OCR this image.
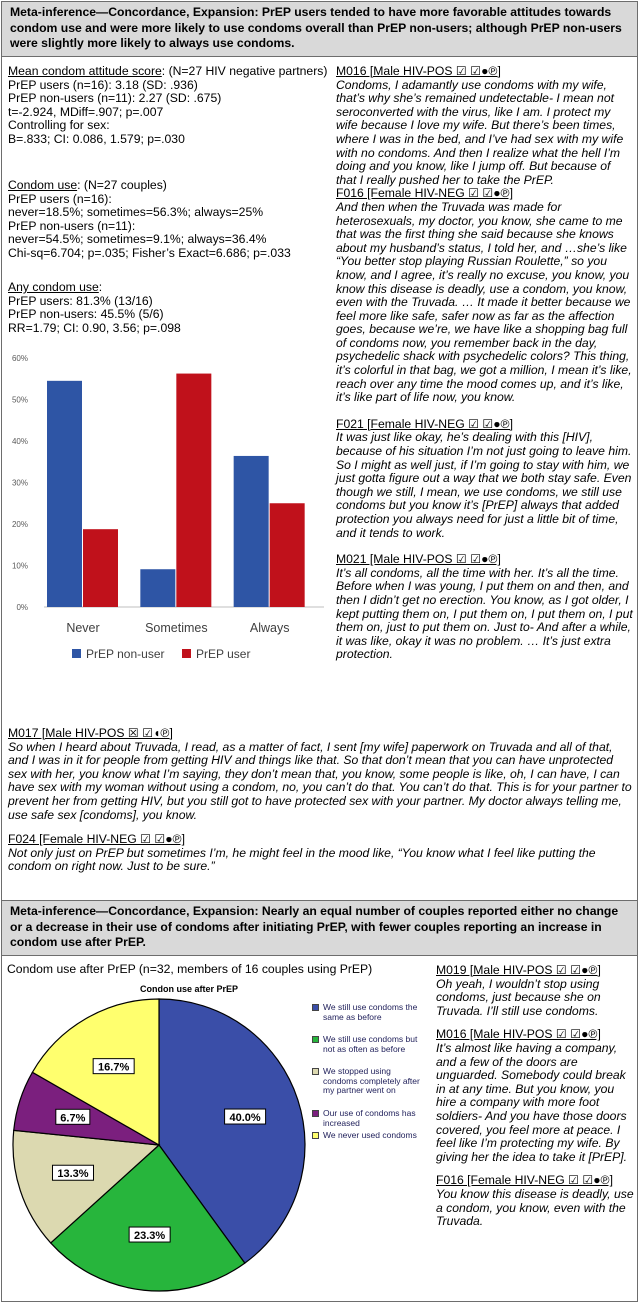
Meta-inference—Concordance, Expansion: PrEP users tended to have more favorable attitudes towards condom use and were more likely to use condoms overall than PrEP non-users; although PrEP non-users were slightly more likely to always use condoms.
Mean condom attitude score: (N=27 HIV negative partners)
PrEP users (n=16): 3.18 (SD: .936)
PrEP non-users (n=11): 2.27 (SD: .675)
t=-2.924, MDiff=.907; p=.007
Controlling for sex:
B=.833; CI: 0.086, 1.579; p=.030
Condom use: (N=27 couples)
PrEP users (n=16):
never=18.5%; sometimes=56.3%; always=25%
PrEP non-users (n=11):
never=54.5%; sometimes=9.1%; always=36.4%
Chi-sq=6.704; p=.035; Fisher’s Exact=6.686; p=.033
Any condom use:
PrEP users: 81.3% (13/16)
PrEP non-users: 45.5% (5/6)
RR=1.79; CI: 0.90, 3.56; p=.098
0%
10%
20%
30%
40%
50%
60%
Never	Sometimes	Always
PrEP non-user	PrEP user
M016 [Male HIV-POS ☑ ☑●℗]
Condoms, I adamantly use condoms with my wife, that’s why she’s remained undetectable- I mean not seroconverted with the virus, like I am. I protect my wife because I love my wife. But there’s been times, where I was in the bed, and I’ve had sex with my wife with no condoms. And then I realize what the hell I’m doing and you know, like I jump off. But because of that I really pushed her to take the PrEP.
F016 [Female HIV-NEG ☑ ☑●℗]
And then when the Truvada was made for heterosexuals, my doctor, you know, she came to me that was the first thing she said because she knows about my husband’s status, I told her, and …she’s like “You better stop playing Russian Roulette,” so you know, and I agree, it’s really no excuse, you know, you know this disease is deadly, use a condom, you know, even with the Truvada. … It made it better because we feel more like safe, safer now as far as the affection goes, because we’re, we have like a shopping bag full of condoms now, you remember back in the day, psychedelic shack with psychedelic colors? This thing, it’s colorful in that bag, we got a million, I mean it’s like, reach over any time the mood comes up, and it’s like, it’s like part of life now, you know.
F021 [Female HIV-NEG ☑ ☑●℗]
It was just like okay, he’s dealing with this [HIV], because of his situation I’m not just going to leave him. So I might as well just, if I’m going to stay with him, we just gotta figure out a way that we both stay safe. Even though we still, I mean, we use condoms, we still use condoms but you know it’s [PrEP] always that added protection you always need for just a little bit of time, and it tends to work.
M021 [Male HIV-POS ☑ ☑●℗]
It’s all condoms, all the time with her. It’s all the time. Before when I was young, I put them on and then, and then I didn’t get no erection. You know, as I got older, I kept putting them on, I put them on, I put them on, I put them on, just to put them on. Just to- And after a while, it was like, okay it was no problem. … It’s just extra protection.
M017 [Male HIV-POS ☒ ☑◖℗]
So when I heard about Truvada, I read, as a matter of fact, I sent [my wife] paperwork on Truvada and all of that, and I was in it for people from getting HIV and things like that. So that don’t mean that you can have unprotected sex with her, you know what I’m saying, they don’t mean that, you know, some people is like, oh, I can have, I can have sex with my woman without using a condom, no, you can’t do that. You can’t do that. This is for your partner to prevent her from getting HIV, but you still got to have protected sex with your partner. My doctor always telling me, use safe sex [condoms], you know.
F024 [Female HIV-NEG ☑ ☑●℗]
Not only just on PrEP but sometimes I’m, he might feel in the mood like, “You know what I feel like putting the condom on right now. Just to be sure.”
Meta-inference—Concordance, Expansion: Nearly an equal number of couples reported either no change or a decrease in their use of condoms after initiating PrEP, with fewer couples reporting an increase in condom use after PrEP.
Condom use after PrEP (n=32, members of 16 couples using PrEP)
Condon use after PrEP
40.0%
23.3%
13.3%
6.7%
16.7%
We still use condoms the same as before
We still use condoms but not as often as before
We stopped using condoms completely after my partner went on
Our use of condoms has increased
We never used condoms
M019 [Male HIV-POS ☑ ☑●℗]
Oh yeah, I wouldn’t stop using condoms, just because she on Truvada. I’ll still use condoms.
M016 [Male HIV-POS ☑ ☑●℗]
It’s almost like having a company, and a few of the doors are unguarded. Somebody could break in at any time. But you know, you hire a company with more foot soldiers- And you have those doors covered, you feel more at peace. I feel like I’m protecting my wife. By giving her the idea to take it [PrEP].
F016 [Female HIV-NEG ☑ ☑●℗]
You know this disease is deadly, use a condom, you know, even with the Truvada.
